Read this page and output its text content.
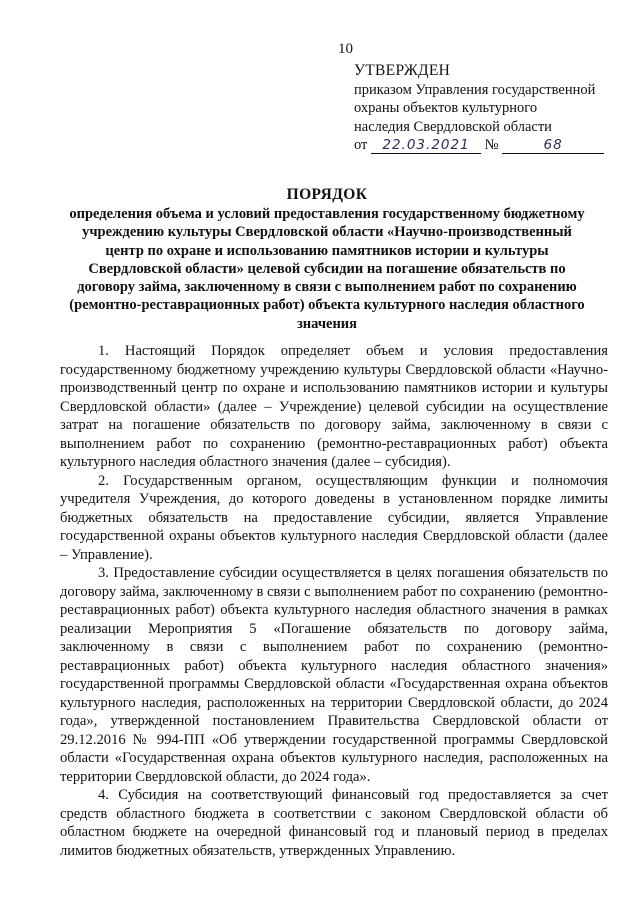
10
УТВЕРЖДЕН
приказом Управления государственной
охраны объектов культурного
наследия Свердловской области
от 22.03.2021 №	68
ПОРЯДОК
определения объема и условий предоставления государственному бюджетному учреждению культуры Свердловской области «Научно-производственный центр по охране и использованию памятников истории и культуры Свердловской области» целевой субсидии на погашение обязательств по договору займа, заключенному в связи с выполнением работ по сохранению (ремонтно-реставрационных работ) объекта культурного наследия областного значения

1. Настоящий Порядок определяет объем и условия предоставления государственному бюджетному учреждению культуры Свердловской области «Научно-производственный центр по охране и использованию памятников истории и культуры Свердловской области» (далее – Учреждение) целевой субсидии на осуществление затрат на погашение обязательств по договору займа, заключенному в связи с выполнением работ по сохранению (ремонтно-реставрационных работ) объекта культурного наследия областного значения (далее – субсидия).

2. Государственным органом, осуществляющим функции и полномочия учредителя Учреждения, до которого доведены в установленном порядке лимиты бюджетных обязательств на предоставление субсидии, является Управление государственной охраны объектов культурного наследия Свердловской области (далее – Управление).

3. Предоставление субсидии осуществляется в целях погашения обязательств по договору займа, заключенному в связи с выполнением работ по сохранению (ремонтно-реставрационных работ) объекта культурного наследия областного значения в рамках реализации Мероприятия 5 «Погашение обязательств по договору займа, заключенному в связи с выполнением работ по сохранению (ремонтно-реставрационных работ) объекта культурного наследия областного значения» государственной программы Свердловской области «Государственная охрана объектов культурного наследия, расположенных на территории Свердловской области, до 2024 года», утвержденной постановлением Правительства Свердловской области от 29.12.2016 № 994-ПП «Об утверждении государственной программы Свердловской области «Государственная охрана объектов культурного наследия, расположенных на территории Свердловской области, до 2024 года».

4. Субсидия на соответствующий финансовый год предоставляется за счет средств областного бюджета в соответствии с законом Свердловской области об областном бюджете на очередной финансовый год и плановый период в пределах лимитов бюджетных обязательств, утвержденных Управлению.
